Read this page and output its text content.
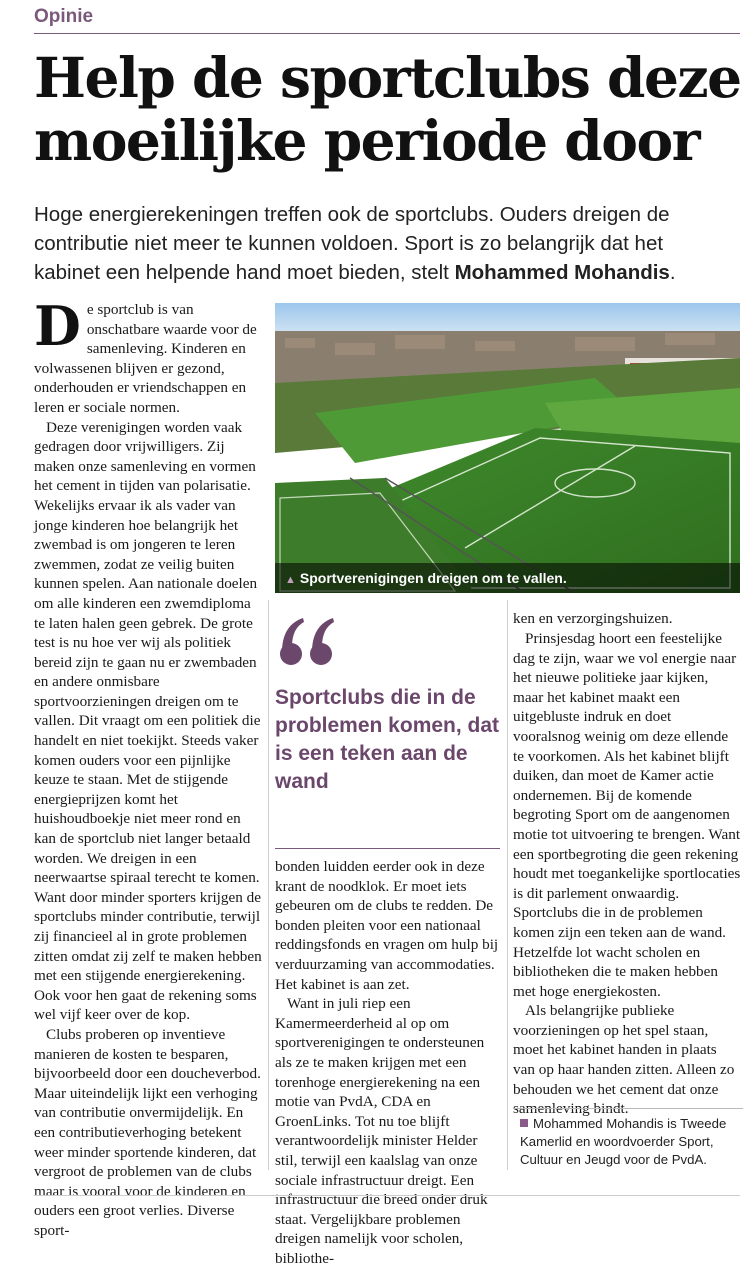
Opinie
Help de sportclubs deze moeilijke periode door

Hoge energierekeningen treffen ook de sportclubs. Ouders dreigen de contributie niet meer te kunnen voldoen. Sport is zo belangrijk dat het kabinet een helpende hand moet bieden, stelt Mohammed Mohandis.

De sportclub is van onschatbare waarde voor de samenleving. Kinderen en volwassenen blijven er gezond, onderhouden er vriendschappen en leren er sociale normen.

Deze verenigingen worden vaak gedragen door vrijwilligers. Zij maken onze samenleving en vormen het cement in tijden van polarisatie. Wekelijks ervaar ik als vader van jonge kinderen hoe belangrijk het zwembad is om jongeren te leren zwemmen, zodat ze veilig buiten kunnen spelen. Aan nationale doelen om alle kinderen een zwemdiploma te laten halen geen gebrek. De grote test is nu hoe ver wij als politiek bereid zijn te gaan nu er zwembaden en andere onmisbare sportvoorzieningen dreigen om te vallen. Dit vraagt om een politiek die handelt en niet toekijkt. Steeds vaker komen ouders voor een pijnlijke keuze te staan. Met de stijgende energieprijzen komt het huishoudboekje niet meer rond en kan de sportclub niet langer betaald worden. We dreigen in een neerwaartse spiraal terecht te komen. Want door minder sporters krijgen de sportclubs minder contributie, terwijl zij financieel al in grote problemen zitten omdat zij zelf te maken hebben met een stijgende energierekening. Ook voor hen gaat de rekening soms wel vijf keer over de kop.

Clubs proberen op inventieve manieren de kosten te besparen, bijvoorbeeld door een doucheverbod. Maar uiteindelijk lijkt een verhoging van contributie onvermijdelijk. En een contributieverhoging betekent weer minder sportende kinderen, dat vergroot de problemen van de clubs maar is vooral voor de kinderen en ouders een groot verlies. Diverse sport-

▲ Sportverenigingen dreigen om te vallen.

Sportclubs die in de problemen komen, dat is een teken aan de wand

bonden luidden eerder ook in deze krant de noodklok. Er moet iets gebeuren om de clubs te redden. De bonden pleiten voor een nationaal reddingsfonds en vragen om hulp bij verduurzaming van accommodaties. Het kabinet is aan zet.

Want in juli riep een Kamermeerderheid al op om sportverenigingen te ondersteunen als ze te maken krijgen met een torenhoge energierekening na een motie van PvdA, CDA en GroenLinks. Tot nu toe blijft verantwoordelijk minister Helder stil, terwijl een kaalslag van onze sociale infrastructuur dreigt. Een infrastructuur die breed onder druk staat. Vergelijkbare problemen dreigen namelijk voor scholen, bibliothe-

ken en verzorgingshuizen.

Prinsjesdag hoort een feestelijke dag te zijn, waar we vol energie naar het nieuwe politieke jaar kijken, maar het kabinet maakt een uitgebluste indruk en doet vooralsnog weinig om deze ellende te voorkomen. Als het kabinet blijft duiken, dan moet de Kamer actie ondernemen. Bij de komende begroting Sport om de aangenomen motie tot uitvoering te brengen. Want een sportbegroting die geen rekening houdt met toegankelijke sportlocaties is dit parlement onwaardig. Sportclubs die in de problemen komen zijn een teken aan de wand. Hetzelfde lot wacht scholen en bibliotheken die te maken hebben met hoge energiekosten.

Als belangrijke publieke voorzieningen op het spel staan, moet het kabinet handen in plaats van op haar handen zitten. Alleen zo behouden we het cement dat onze samenleving bindt.

Mohammed Mohandis is Tweede Kamerlid en woordvoerder Sport, Cultuur en Jeugd voor de PvdA.
